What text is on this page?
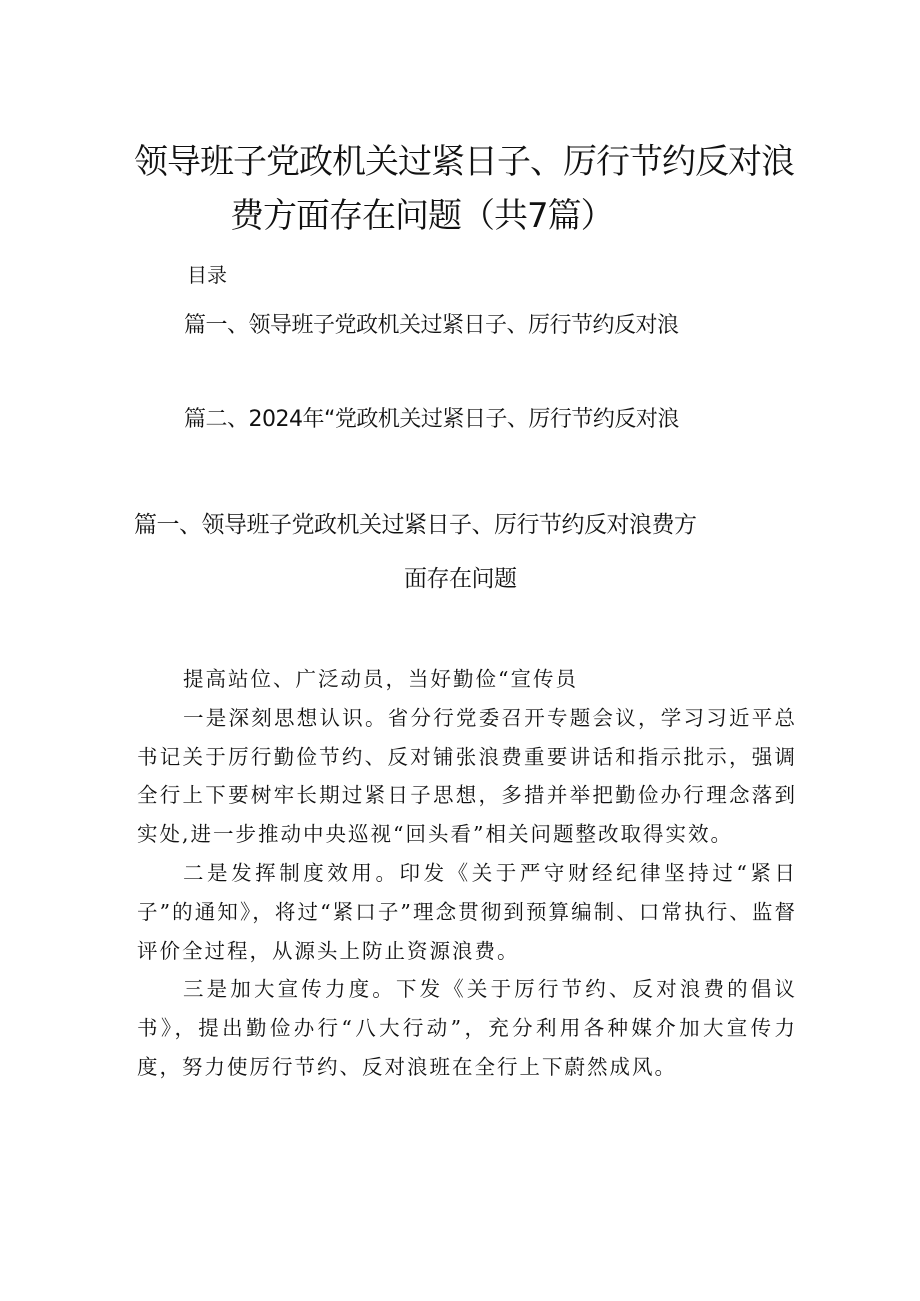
领导班子党政机关过紧日子、厉行节约反对浪
费方面存在问题（共7篇）
目录
篇一、领导班子党政机关过紧日子、厉行节约反对浪
篇二、2024年“党政机关过紧日子、厉行节约反对浪
篇一、领导班子党政机关过紧日子、厉行节约反对浪费方
面存在问题

提高站位、广泛动员，当好勤俭“宣传员

一是深刻思想认识。省分行党委召开专题会议，学习习近平总书记关于厉行勤俭节约、反对铺张浪费重要讲话和指示批示，强调全行上下要树牢长期过紧日子思想，多措并举把勤俭办行理念落到实处,进一步推动中央巡视“回头看”相关问题整改取得实效。

二是发挥制度效用。印发《关于严守财经纪律坚持过“紧日子”的通知》，将过“紧口子”理念贯彻到预算编制、口常执行、监督评价全过程，从源头上防止资源浪费。

三是加大宣传力度。下发《关于厉行节约、反对浪费的倡议书》，提出勤俭办行“八大行动”，充分利用各种媒介加大宣传力度，努力使厉行节约、反对浪班在全行上下蔚然成风。
